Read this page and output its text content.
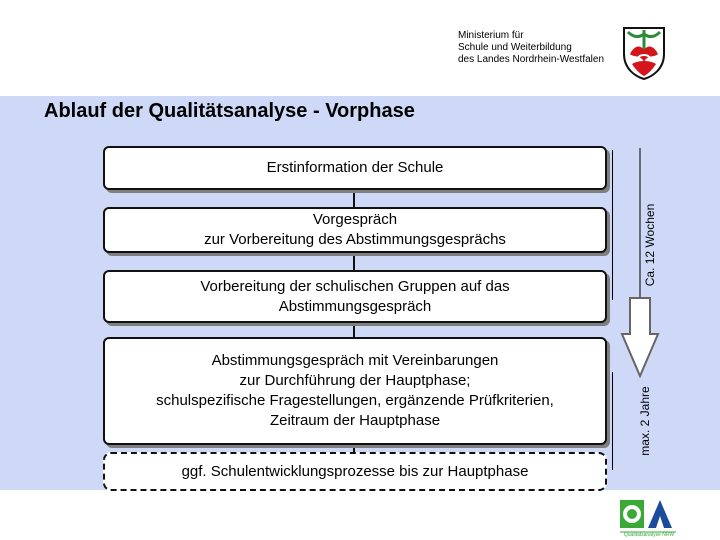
Ministerium für
Schule und Weiterbildung
des Landes Nordrhein-Westfalen
Ablauf der Qualitätsanalyse - Vorphase
Erstinformation der Schule
Vorgespräch
zur Vorbereitung des Abstimmungsgesprächs
Vorbereitung der schulischen Gruppen auf das
Abstimmungsgespräch
Abstimmungsgespräch mit Vereinbarungen
zur Durchführung der Hauptphase;
schulspezifische Fragestellungen, ergänzende Prüfkriterien,
Zeitraum der Hauptphase
ggf. Schulentwicklungsprozesse bis zur Hauptphase
Ca. 12 Wochen
max. 2 Jahre
Qualitätsanalyse NRW
